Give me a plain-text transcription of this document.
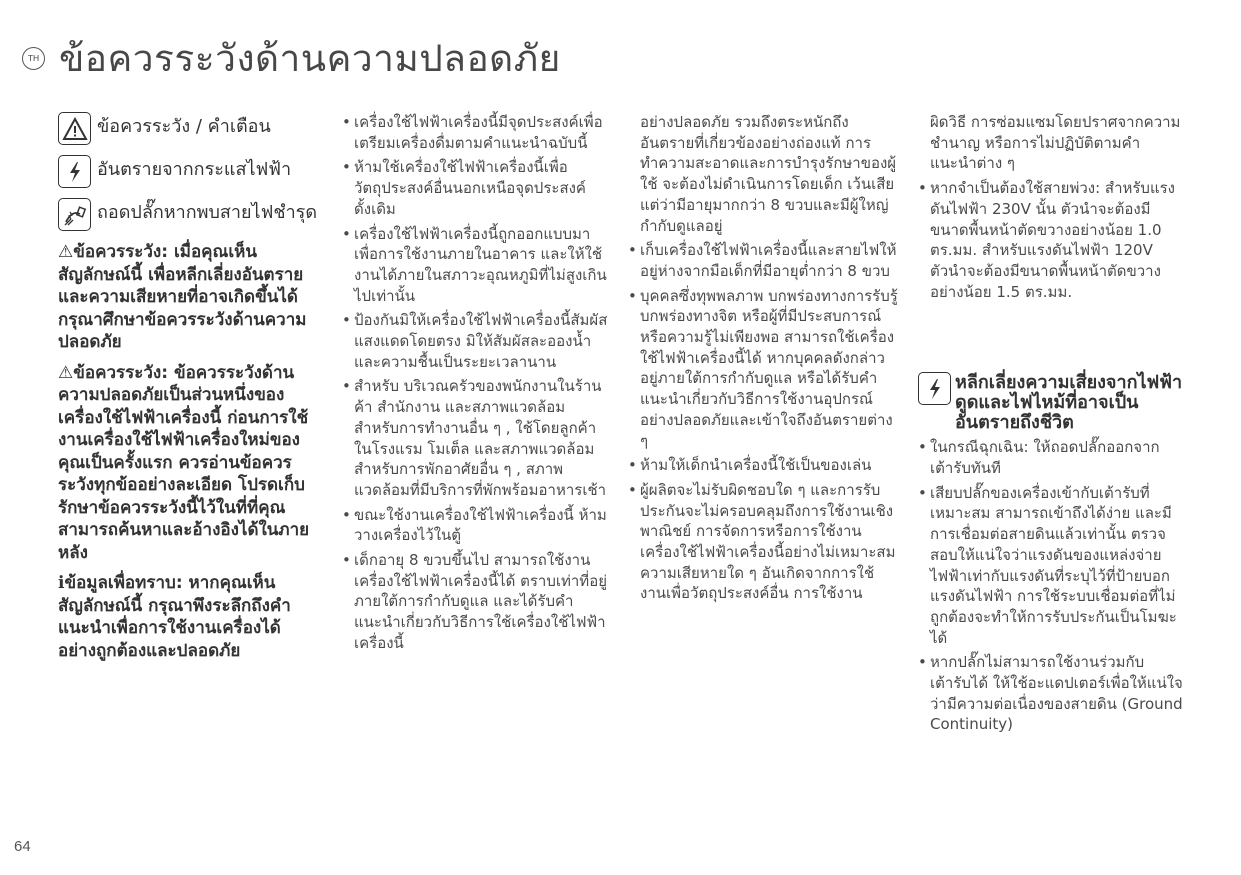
TH ข้อควรระวังด้านความปลอดภัย
ข้อควรระวัง / คำเตือน
อันตรายจากกระแสไฟฟ้า
ถอดปลั๊กหากพบสายไฟชำรุด

⚠ข้อควรระวัง: เมื่อคุณเห็นสัญลักษณ์นี้ เพื่อหลีกเลี่ยงอันตรายและความเสียหายที่อาจเกิดขึ้นได้ กรุณาศึกษาข้อควรระวังด้านความปลอดภัย

⚠ข้อควรระวัง: ข้อควรระวังด้านความปลอดภัยเป็นส่วนหนึ่งของเครื่องใช้ไฟฟ้าเครื่องนี้ ก่อนการใช้งานเครื่องใช้ไฟฟ้าเครื่องใหม่ของคุณเป็นครั้งแรก ควรอ่านข้อควรระวังทุกข้ออย่างละเอียด โปรดเก็บรักษาข้อควรระวังนี้ไว้ในที่ที่คุณสามารถค้นหาและอ้างอิงได้ในภายหลัง

ℹข้อมูลเพื่อทราบ: หากคุณเห็นสัญลักษณ์นี้ กรุณาพึงระลึกถึงคำแนะนำเพื่อการใช้งานเครื่องได้อย่างถูกต้องและปลอดภัย

• เครื่องใช้ไฟฟ้าเครื่องนี้มีจุดประสงค์เพื่อเตรียมเครื่องดื่มตามคำแนะนำฉบับนี้
• ห้ามใช้เครื่องใช้ไฟฟ้าเครื่องนี้เพื่อวัตถุประสงค์อื่นนอกเหนือจุดประสงค์ดั้งเดิม
• เครื่องใช้ไฟฟ้าเครื่องนี้ถูกออกแบบมาเพื่อการใช้งานภายในอาคาร และให้ใช้งานได้ภายในสภาวะอุณหภูมิที่ไม่สูงเกินไปเท่านั้น
• ป้องกันมิให้เครื่องใช้ไฟฟ้าเครื่องนี้สัมผัสแสงแดดโดยตรง มิให้สัมผัสละอองน้ำและความชื้นเป็นระยะเวลานาน
• สำหรับ บริเวณครัวของพนักงานในร้านค้า สำนักงาน และสภาพแวดล้อมสำหรับการทำงานอื่น ๆ , ใช้โดยลูกค้าในโรงแรม โมเต็ล และสภาพแวดล้อมสำหรับการพักอาศัยอื่น ๆ , สภาพแวดล้อมที่มีบริการที่พักพร้อมอาหารเช้า
• ขณะใช้งานเครื่องใช้ไฟฟ้าเครื่องนี้ ห้ามวางเครื่องไว้ในตู้
• เด็กอายุ 8 ขวบขึ้นไป สามารถใช้งานเครื่องใช้ไฟฟ้าเครื่องนี้ได้ ตราบเท่าที่อยู่ภายใต้การกำกับดูแล และได้รับคำแนะนำเกี่ยวกับวิธีการใช้เครื่องใช้ไฟฟ้าเครื่องนี้

อย่างปลอดภัย รวมถึงตระหนักถึงอันตรายที่เกี่ยวข้องอย่างถ่องแท้ การทำความสะอาดและการบำรุงรักษาของผู้ใช้ จะต้องไม่ดำเนินการโดยเด็ก เว้นเสียแต่ว่ามีอายุมากกว่า 8 ขวบและมีผู้ใหญ่กำกับดูแลอยู่

• เก็บเครื่องใช้ไฟฟ้าเครื่องนี้และสายไฟให้อยู่ห่างจากมือเด็กที่มีอายุต่ำกว่า 8 ขวบ
• บุคคลซึ่งทุพพลภาพ บกพร่องทางการรับรู้ บกพร่องทางจิต หรือผู้ที่มีประสบการณ์หรือความรู้ไม่เพียงพอ สามารถใช้เครื่องใช้ไฟฟ้าเครื่องนี้ได้ หากบุคคลดังกล่าวอยู่ภายใต้การกำกับดูแล หรือได้รับคำแนะนำเกี่ยวกับวิธีการใช้งานอุปกรณ์อย่างปลอดภัยและเข้าใจถึงอันตรายต่าง ๆ
• ห้ามให้เด็กนำเครื่องนี้ใช้เป็นของเล่น
• ผู้ผลิตจะไม่รับผิดชอบใด ๆ และการรับประกันจะไม่ครอบคลุมถึงการใช้งานเชิงพาณิชย์ การจัดการหรือการใช้งานเครื่องใช้ไฟฟ้าเครื่องนี้อย่างไม่เหมาะสม ความเสียหายใด ๆ อันเกิดจากการใช้งานเพื่อวัตถุประสงค์อื่น การใช้งาน

ผิดวิธี การซ่อมแซมโดยปราศจากความชำนาญ หรือการไม่ปฏิบัติตามคำแนะนำต่าง ๆ

• หากจำเป็นต้องใช้สายพ่วง: สำหรับแรงดันไฟฟ้า 230V นั้น ตัวนำจะต้องมีขนาดพื้นหน้าตัดขวางอย่างน้อย 1.0 ตร.มม. สำหรับแรงดันไฟฟ้า 120V ตัวนำจะต้องมีขนาดพื้นหน้าตัดขวางอย่างน้อย 1.5 ตร.มม.
หลีกเลี่ยงความเสี่ยงจากไฟฟ้าดูดและไฟไหม้ที่อาจเป็นอันตรายถึงชีวิต
• ในกรณีฉุกเฉิน: ให้ถอดปลั๊กออกจากเต้ารับทันที
• เสียบปลั๊กของเครื่องเข้ากับเต้ารับที่เหมาะสม สามารถเข้าถึงได้ง่าย และมีการเชื่อมต่อสายดินแล้วเท่านั้น ตรวจสอบให้แน่ใจว่าแรงดันของแหล่งจ่ายไฟฟ้าเท่ากับแรงดันที่ระบุไว้ที่ป้ายบอกแรงดันไฟฟ้า การใช้ระบบเชื่อมต่อที่ไม่ถูกต้องจะทำให้การรับประกันเป็นโมฆะได้
• หากปลั๊กไม่สามารถใช้งานร่วมกับเต้ารับได้ ให้ใช้อะแดปเตอร์เพื่อให้แน่ใจว่ามีความต่อเนื่องของสายดิน (Ground Continuity)
64
